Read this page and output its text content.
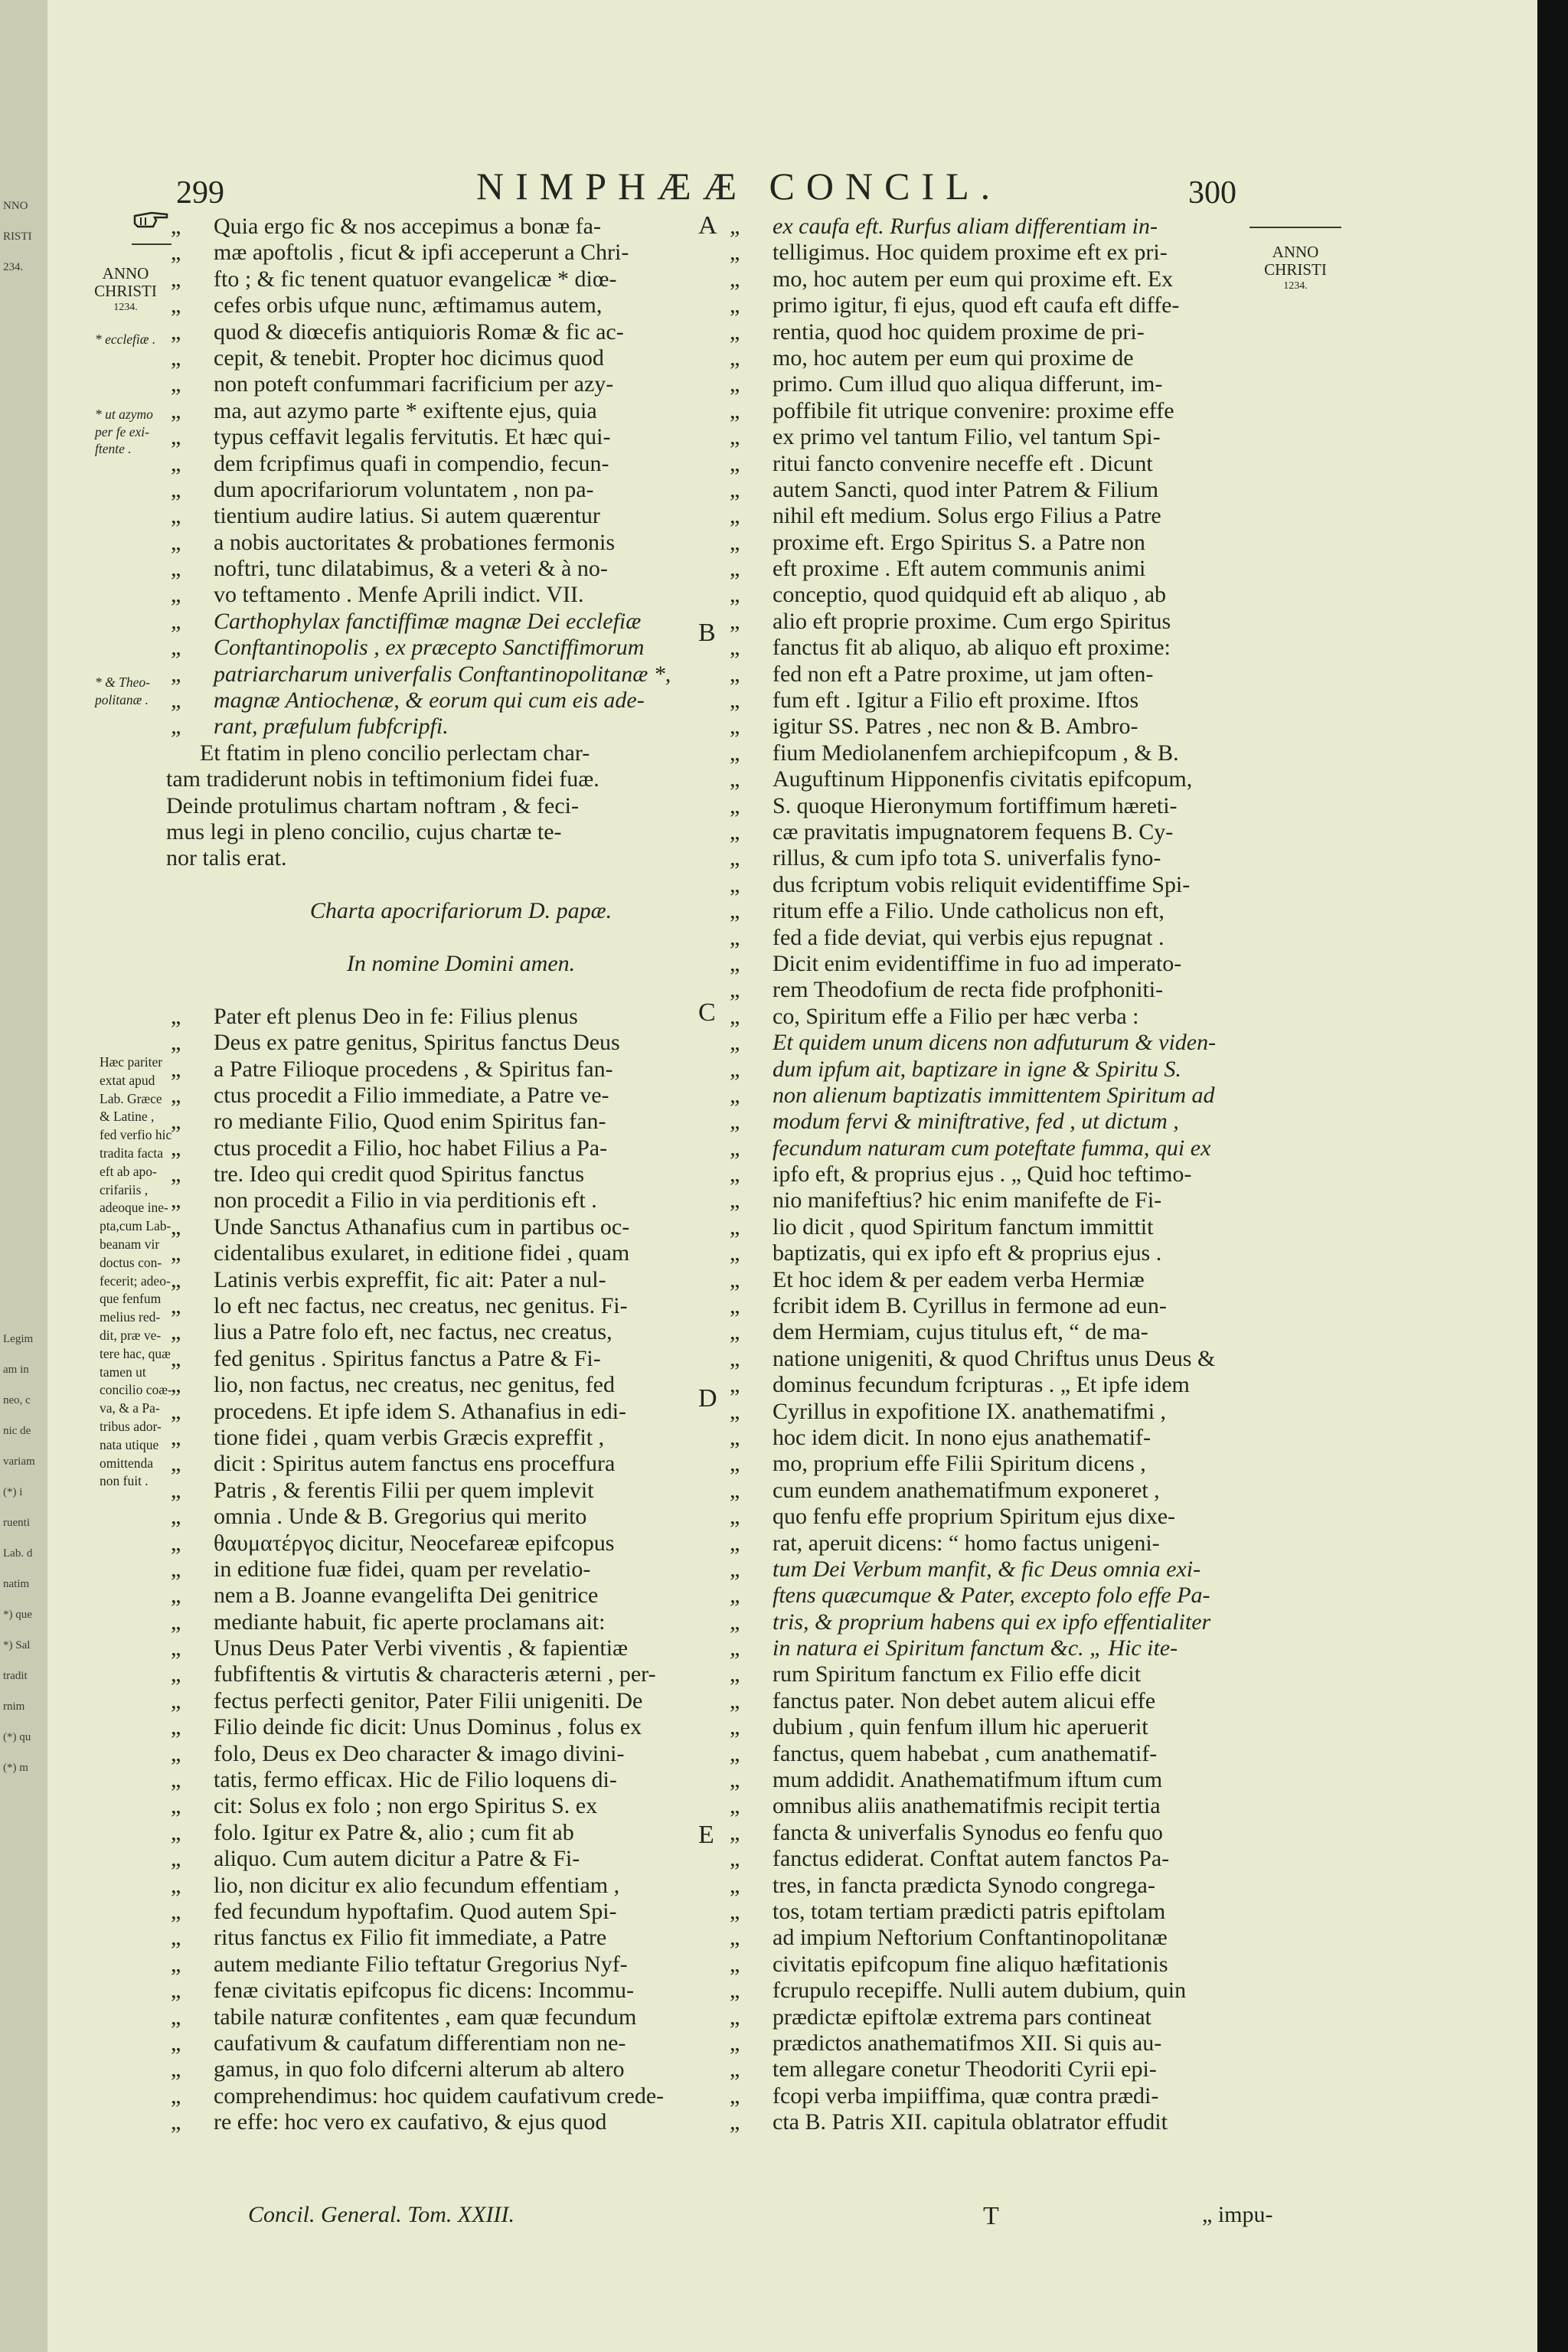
NNO
RISTI
234.
Legim
am in
neo, c
nic de
variam
(*) i
ruenti
Lab. d
natim
*) que
*) Sal
tradit
rnim
(*) qu
(*) m
299	NIMPHÆÆ CONCIL.	300
ANNO
CHRISTI
1234.
* ecclefiæ .
* ut azymo
per fe exi-
ftente .
* & Theo-
politanæ .
Hæc pariter
extat apud
Lab. Græce
& Latine ,
fed verfio hic
tradita facta
eft ab apo-
crifariis ,
adeoque ine-
pta,cum Lab-
beanam vir
doctus con-
fecerit; adeo-
que fenfum
melius red-
dit, præ ve-
tere hac, quæ
tamen ut
concilio coæ-
va, & a Pa-
tribus ador-
nata utique
omittenda
non fuit .
ANNO
CHRISTI
1234.
„ Quia ergo fic & nos accepimus a bonæ fa-
„ mæ apoftolis , ficut & ipfi acceperunt a Chri-
„ fto ; & fic tenent quatuor evangelicæ * diœ-
„ cefes orbis ufque nunc, æftimamus autem,
„ quod & diœcefis antiquioris Romæ & fic ac-
„ cepit, & tenebit. Propter hoc dicimus quod
„ non poteft confummari facrificium per azy-
„ ma, aut azymo parte * exiftente ejus, quia
„ typus ceffavit legalis fervitutis. Et hæc qui-
„ dem fcripfimus quafi in compendio, fecun-
„ dum apocrifariorum voluntatem , non pa-
„ tientium audire latius. Si autem quærentur
„ a nobis auctoritates & probationes fermonis
„ noftri, tunc dilatabimus, & a veteri & à no-
„ vo teftamento . Menfe Aprili indict. VII.
„ Carthophylax fanctiffimæ magnæ Dei ecclefiæ
„ Conftantinopolis , ex præcepto Sanctiffimorum
„ patriarcharum univerfalis Conftantinopolitanæ *,
„ magnæ Antiochenæ, & eorum qui cum eis ade-
„ rant, præfulum fubfcripfi.
Et ftatim in pleno concilio perlectam char-
tam tradiderunt nobis in teftimonium fidei fuæ.
Deinde protulimus chartam noftram , & feci-
mus legi in pleno concilio, cujus chartæ te-
nor talis erat.
Charta apocrifariorum D. papæ.
In nomine Domini amen.
„ Pater eft plenus Deo in fe: Filius plenus
„ Deus ex patre genitus, Spiritus fanctus Deus
„ a Patre Filioque procedens , & Spiritus fan-
„ ctus procedit a Filio immediate, a Patre ve-
„ ro mediante Filio, Quod enim Spiritus fan-
„ ctus procedit a Filio, hoc habet Filius a Pa-
„ tre. Ideo qui credit quod Spiritus fanctus
„ non procedit a Filio in via perditionis eft .
„ Unde Sanctus Athanafius cum in partibus oc-
„ cidentalibus exularet, in editione fidei , quam
„ Latinis verbis expreffit, fic ait: Pater a nul-
„ lo eft nec factus, nec creatus, nec genitus. Fi-
„ lius a Patre folo eft, nec factus, nec creatus,
„ fed genitus . Spiritus fanctus a Patre & Fi-
„ lio, non factus, nec creatus, nec genitus, fed
„ procedens. Et ipfe idem S. Athanafius in edi-
„ tione fidei , quam verbis Græcis expreffit ,
„ dicit : Spiritus autem fanctus ens proceffura
„ Patris , & ferentis Filii per quem implevit
„ omnia . Unde & B. Gregorius qui merito
„ θαυματέργος dicitur, Neocefareæ epifcopus
„ in editione fuæ fidei, quam per revelatio-
„ nem a B. Joanne evangelifta Dei genitrice
„ mediante habuit, fic aperte proclamans ait:
„ Unus Deus Pater Verbi viventis , & fapientiæ
„ fubfiftentis & virtutis & characteris æterni , per-
„ fectus perfecti genitor, Pater Filii unigeniti. De
„ Filio deinde fic dicit: Unus Dominus , folus ex
„ folo, Deus ex Deo character & imago divini-
„ tatis, fermo efficax. Hic de Filio loquens di-
„ cit: Solus ex folo ; non ergo Spiritus S. ex
„ folo. Igitur ex Patre &, alio ; cum fit ab
„ aliquo. Cum autem dicitur a Patre & Fi-
„ lio, non dicitur ex alio fecundum effentiam ,
„ fed fecundum hypoftafim. Quod autem Spi-
„ ritus fanctus ex Filio fit immediate, a Patre
„ autem mediante Filio teftatur Gregorius Nyf-
„ fenæ civitatis epifcopus fic dicens: Incommu-
„ tabile naturæ confitentes , eam quæ fecundum
„ caufativum & caufatum differentiam non ne-
„ gamus, in quo folo difcerni alterum ab altero
„ comprehendimus: hoc quidem caufativum crede-
„ re effe: hoc vero ex caufativo, & ejus quod
„ ex caufa eft. Rurfus aliam differentiam in-
„ telligimus. Hoc quidem proxime eft ex pri-
„ mo, hoc autem per eum qui proxime eft. Ex
„ primo igitur, fi ejus, quod eft caufa eft diffe-
„ rentia, quod hoc quidem proxime de pri-
„ mo, hoc autem per eum qui proxime de
„ primo. Cum illud quo aliqua differunt, im-
„ poffibile fit utrique convenire: proxime effe
„ ex primo vel tantum Filio, vel tantum Spi-
„ ritui fancto convenire neceffe eft . Dicunt
„ autem Sancti, quod inter Patrem & Filium
„ nihil eft medium. Solus ergo Filius a Patre
„ proxime eft. Ergo Spiritus S. a Patre non
„ eft proxime . Eft autem communis animi
„ conceptio, quod quidquid eft ab aliquo , ab
„ alio eft proprie proxime. Cum ergo Spiritus
„ fanctus fit ab aliquo, ab aliquo eft proxime:
„ fed non eft a Patre proxime, ut jam often-
„ fum eft . Igitur a Filio eft proxime. Iftos
„ igitur SS. Patres , nec non & B. Ambro-
„ fium Mediolanenfem archiepifcopum , & B.
„ Auguftinum Hipponenfis civitatis epifcopum,
„ S. quoque Hieronymum fortiffimum hæreti-
„ cæ pravitatis impugnatorem fequens B. Cy-
„ rillus, & cum ipfo tota S. univerfalis fyno-
„ dus fcriptum vobis reliquit evidentiffime Spi-
„ ritum effe a Filio. Unde catholicus non eft,
„ fed a fide deviat, qui verbis ejus repugnat .
„ Dicit enim evidentiffime in fuo ad imperato-
„ rem Theodofium de recta fide profphoniti-
„ co, Spiritum effe a Filio per hæc verba :
„ Et quidem unum dicens non adfuturum & viden-
„ dum ipfum ait, baptizare in igne & Spiritu S.
„ non alienum baptizatis immittentem Spiritum ad
„ modum fervi & miniftrative, fed , ut dictum ,
„ fecundum naturam cum poteftate fumma, qui ex
„ ipfo eft, & proprius ejus . „ Quid hoc teftimo-
„ nio manifeftius? hic enim manifefte de Fi-
„ lio dicit , quod Spiritum fanctum immittit
„ baptizatis, qui ex ipfo eft & proprius ejus .
„ Et hoc idem & per eadem verba Hermiæ
„ fcribit idem B. Cyrillus in fermone ad eun-
„ dem Hermiam, cujus titulus eft, “ de ma-
„ natione unigeniti, & quod Chriftus unus Deus &
„ dominus fecundum fcripturas . „ Et ipfe idem
„ Cyrillus in expofitione IX. anathematifmi ,
„ hoc idem dicit. In nono ejus anathematif-
„ mo, proprium effe Filii Spiritum dicens ,
„ cum eundem anathematifmum exponeret ,
„ quo fenfu effe proprium Spiritum ejus dixe-
„ rat, aperuit dicens: “ homo factus unigeni-
„ tum Dei Verbum manfit, & fic Deus omnia exi-
„ ftens quæcumque & Pater, excepto folo effe Pa-
„ tris, & proprium habens qui ex ipfo effentialiter
„ in natura ei Spiritum fanctum &c. „ Hic ite-
„ rum Spiritum fanctum ex Filio effe dicit
„ fanctus pater. Non debet autem alicui effe
„ dubium , quin fenfum illum hic aperuerit
„ fanctus, quem habebat , cum anathematif-
„ mum addidit. Anathematifmum iftum cum
„ omnibus aliis anathematifmis recipit tertia
„ fancta & univerfalis Synodus eo fenfu quo
„ fanctus ediderat. Conftat autem fanctos Pa-
„ tres, in fancta prædicta Synodo congrega-
„ tos, totam tertiam prædicti patris epiftolam
„ ad impium Neftorium Conftantinopolitanæ
„ civitatis epifcopum fine aliquo hæfitationis
„ fcrupulo recepiffe. Nulli autem dubium, quin
„ prædictæ epiftolæ extrema pars contineat
„ prædictos anathematifmos XII. Si quis au-
„ tem allegare conetur Theodoriti Cyrii epi-
„ fcopi verba impiiffima, quæ contra prædi-
„ cta B. Patris XII. capitula oblatrator effudit
A
B
C
D
E
Concil. General. Tom. XXIII.	T	„ impu-
